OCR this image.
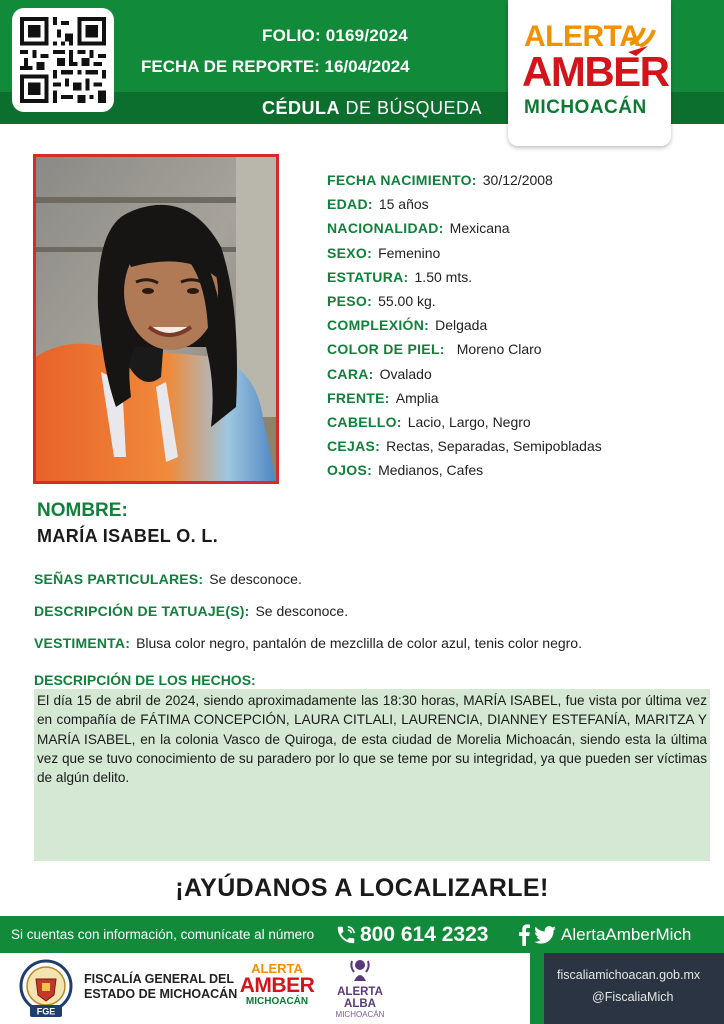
FOLIO: 0169/2024
FECHA DE REPORTE: 16/04/2024
CÉDULA DE BÚSQUEDA
ALERTA
AMBER
MICHOACÁN
FECHA NACIMIENTO: 30/12/2008
EDAD: 15 años
NACIONALIDAD: Mexicana
SEXO: Femenino
ESTATURA: 1.50 mts.
PESO: 55.00 kg.
COMPLEXIÓN: Delgada
COLOR DE PIEL: Moreno Claro
CARA: Ovalado
FRENTE: Amplia
CABELLO: Lacio, Largo, Negro
CEJAS: Rectas, Separadas, Semipobladas
OJOS: Medianos, Cafes
NOMBRE:
MARÍA ISABEL O. L.
SEÑAS PARTICULARES: Se desconoce.
DESCRIPCIÓN DE TATUAJE(S): Se desconoce.
VESTIMENTA: Blusa color negro, pantalón de mezclilla de color azul, tenis color negro.
DESCRIPCIÓN DE LOS HECHOS:
El día 15 de abril de 2024, siendo aproximadamente las 18:30 horas, MARÍA ISABEL, fue vista por última vez en compañía de FÁTIMA CONCEPCIÓN, LAURA CITLALI, LAURENCIA, DIANNEY ESTEFANÍA, MARITZA Y MARÍA ISABEL, en la colonia Vasco de Quiroga, de esta ciudad de Morelia Michoacán, siendo esta la última vez que se tuvo conocimiento de su paradero por lo que se teme por su integridad, ya que pueden ser víctimas de algún delito.
¡AYÚDANOS A LOCALIZARLE!
Si cuentas con información, comunícate al número 800 614 2323	AlertaAmberMich
FGE
FISCALÍA GENERAL DEL
ESTADO DE MICHOACÁN
ALERTA
AMBER
MICHOACÁN
ALERTA
ALBA
MICHOACÁN
fiscaliamichoacan.gob.mx
@FiscaliaMich
